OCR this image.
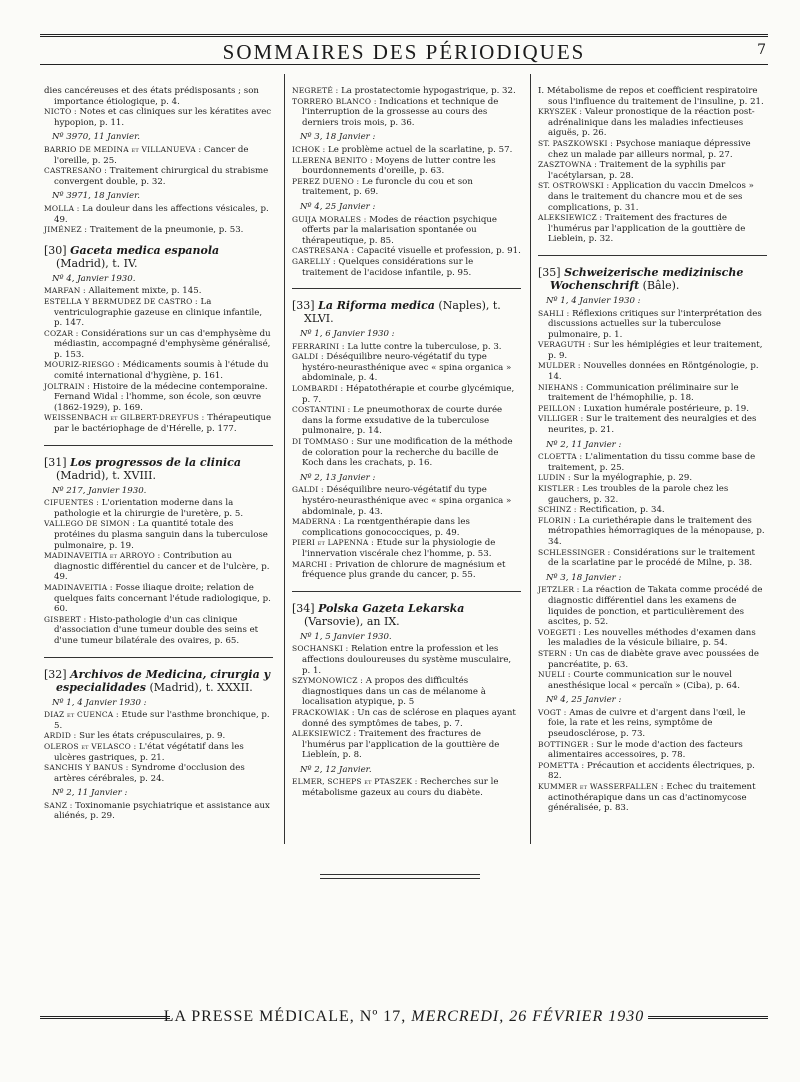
SOMMAIRES DES PÉRIODIQUES	7

dies cancéreuses et des états prédisposants ; son importance étiologique, p. 4.

NICTO : Notes et cas cliniques sur les kératites avec hypopion, p. 11.

Nº 3970, 11 Janvier.

BARRIO DE MEDINA et VILLANUEVA : Cancer de l'oreille, p. 25.

CASTRESANO : Traitement chirurgical du strabisme convergent double, p. 32.

Nº 3971, 18 Janvier.

MOLLA : La douleur dans les affections vésicales, p. 49.

JIMÉNEZ : Traitement de la pneumonie, p. 53.

[30] Gaceta medica espanola (Madrid), t. IV.
Nº 4, Janvier 1930.

MARFAN : Allaitement mixte, p. 145.

ESTELLA Y BERMUDEZ DE CASTRO : La ventriculographie gazeuse en clinique infantile, p. 147.

COZAR : Considérations sur un cas d'emphysème du médiastin, accompagné d'emphysème généralisé, p. 153.

MOURIZ-RIESGO : Médicaments soumis à l'étude du comité international d'hygiène, p. 161.

JOLTRAIN : Histoire de la médecine contemporaine. Fernand Widal : l'homme, son école, son œuvre (1862-1929), p. 169.

WEISSENBACH et GILBERT-DREYFUS : Thérapeutique par le bactériophage de d'Hérelle, p. 177.

[31] Los progressos de la clinica (Madrid), t. XVIII.
Nº 217, Janvier 1930.

CIFUENTES : L'orientation moderne dans la pathologie et la chirurgie de l'uretère, p. 5.

VALLEGO DE SIMON : La quantité totale des protéines du plasma sanguin dans la tuberculose pulmonaire, p. 19.

MADINAVEITIA et ARROYO : Contribution au diagnostic différentiel du cancer et de l'ulcère, p. 49.

MADINAVEITIA : Fosse iliaque droite; relation de quelques faits concernant l'étude radiologique, p. 60.

GISBERT : Histo-pathologie d'un cas clinique d'association d'une tumeur double des seins et d'une tumeur bilatérale des ovaires, p. 65.

[32] Archivos de Medicina, cirurgia y especialidades (Madrid), t. XXXII.
Nº 1, 4 Janvier 1930 :

DIAZ et CUENCA : Etude sur l'asthme bronchique, p. 5.

ARDID : Sur les états crépusculaires, p. 9.

OLEROS et VELASCO : L'état végétatif dans les ulcères gastriques, p. 21.

SANCHIS Y BANUS : Syndrome d'occlusion des artères cérébrales, p. 24.

Nº 2, 11 Janvier :

SANZ : Toxinomanie psychiatrique et assistance aux aliénés, p. 29.

NEGRETÉ : La prostatectomie hypogastrique, p. 32.

TORRERO BLANCO : Indications et technique de l'interruption de la grossesse au cours des derniers trois mois, p. 36.

Nº 3, 18 Janvier :

ICHOK : Le problème actuel de la scarlatine, p. 57.

LLERENA BENITO : Moyens de lutter contre les bourdonnements d'oreille, p. 63.

PEREZ DUENO : Le furoncle du cou et son traitement, p. 69.

Nº 4, 25 Janvier :

GUIJA MORALES : Modes de réaction psychique offerts par la malarisation spontanée ou thérapeutique, p. 85.

CASTRESANA : Capacité visuelle et profession, p. 91.

GARELLY : Quelques considérations sur le traitement de l'acidose infantile, p. 95.

[33] La Riforma medica (Naples), t. XLVI.
Nº 1, 6 Janvier 1930 :

FERRARINI : La lutte contre la tuberculose, p. 3.

GALDI : Déséquilibre neuro-végétatif du type hystéro-neurasthénique avec « spina organica » abdominale, p. 4.

LOMBARDI : Hépatothérapie et courbe glycémique, p. 7.

COSTANTINI : Le pneumothorax de courte durée dans la forme exsudative de la tuberculose pulmonaire, p. 14.

DI TOMMASO : Sur une modification de la méthode de coloration pour la recherche du bacille de Koch dans les crachats, p. 16.

Nº 2, 13 Janvier :

GALDI : Déséquilibre neuro-végétatif du type hystéro-neurasthénique avec « spina organica » abdominale, p. 43.

MADERNA : La rœntgenthérapie dans les complications gonococciques, p. 49.

PIERI et LAPENNA : Etude sur la physiologie de l'innervation viscérale chez l'homme, p. 53.

MARCHI : Privation de chlorure de magnésium et fréquence plus grande du cancer, p. 55.

[34] Polska Gazeta Lekarska (Varsovie), an IX.
Nº 1, 5 Janvier 1930.

SOCHANSKI : Relation entre la profession et les affections douloureuses du système musculaire, p. 1.

SZYMONOWICZ : A propos des difficultés diagnostiques dans un cas de mélanome à localisation atypique, p. 5

FRACKOWIAK : Un cas de sclérose en plaques ayant donné des symptômes de tabes, p. 7.

ALEKSIEWICZ : Traitement des fractures de l'humérus par l'application de la gouttière de Liebleín, p. 8.

Nº 2, 12 Janvier.

ELMER, SCHEPS et PTASZEK : Recherches sur le métabolisme gazeux au cours du diabète.

I. Métabolisme de repos et coefficient respiratoire sous l'influence du traitement de l'insuline, p. 21.

KRYSZEK : Valeur pronostique de la réaction post-adrénalinique dans les maladies infectieuses aiguës, p. 26.

ST. PASZKOWSKI : Psychose maniaque dépressive chez un malade par ailleurs normal, p. 27.

ZASZTOWNA : Traitement de la syphilis par l'acétylarsan, p. 28.

ST. OSTROWSKI : Application du vaccin Dmelcos » dans le traitement du chancre mou et de ses complications, p. 31.

ALEKSIEWICZ : Traitement des fractures de l'humérus par l'application de la gouttière de Lieblein, p. 32.

[35] Schweizerische medizinische Wochenschrift (Bâle).
Nº 1, 4 Janvier 1930 :

SAHLI : Réflexions critiques sur l'interprétation des discussions actuelles sur la tuberculose pulmonaire, p. 1.

VERAGUTH : Sur les hémiplégies et leur traitement, p. 9.

MULDER : Nouvelles données en Röntgénologie, p. 14.

NIEHANS : Communication préliminaire sur le traitement de l'hémophilie, p. 18.

PEILLON : Luxation humérale postérieure, p. 19.

VILLIGER : Sur le traitement des neuralgies et des neurites, p. 21.

Nº 2, 11 Janvier :

CLOETTA : L'alimentation du tissu comme base de traitement, p. 25.

LUDIN : Sur la myélographie, p. 29.

KISTLER : Les troubles de la parole chez les gauchers, p. 32.

SCHINZ : Rectification, p. 34.

FLORIN : La curiethérapie dans le traitement des métropathies hémorragiques de la ménopause, p. 34.

SCHLESSINGER : Considérations sur le traitement de la scarlatine par le procédé de Milne, p. 38.

Nº 3, 18 Janvier :

JETZLER : La réaction de Takata comme procédé de diagnostic différentiel dans les examens de liquides de ponction, et particulièrement des ascites, p. 52.

VOEGETI : Les nouvelles méthodes d'examen dans les maladies de la vésicule biliaire, p. 54.

STERN : Un cas de diabète grave avec poussées de pancréatite, p. 63.

NUELI : Courte communication sur le nouvel anesthésique local « percaïn » (Ciba), p. 64.

Nº 4, 25 Janvier :

VOGT : Amas de cuivre et d'argent dans l'œil, le foie, la rate et les reins, symptôme de pseudosclérose, p. 73.

BOTTINGER : Sur le mode d'action des facteurs alimentaires accessoires, p. 78.

POMETTA : Précaution et accidents électriques, p. 82.

KUMMER et WASSERFALLEN : Echec du traitement actinothérapique dans un cas d'actinomycose généralisée, p. 83.

LA PRESSE MÉDICALE, Nº 17, MERCREDI, 26 FÉVRIER 1930
